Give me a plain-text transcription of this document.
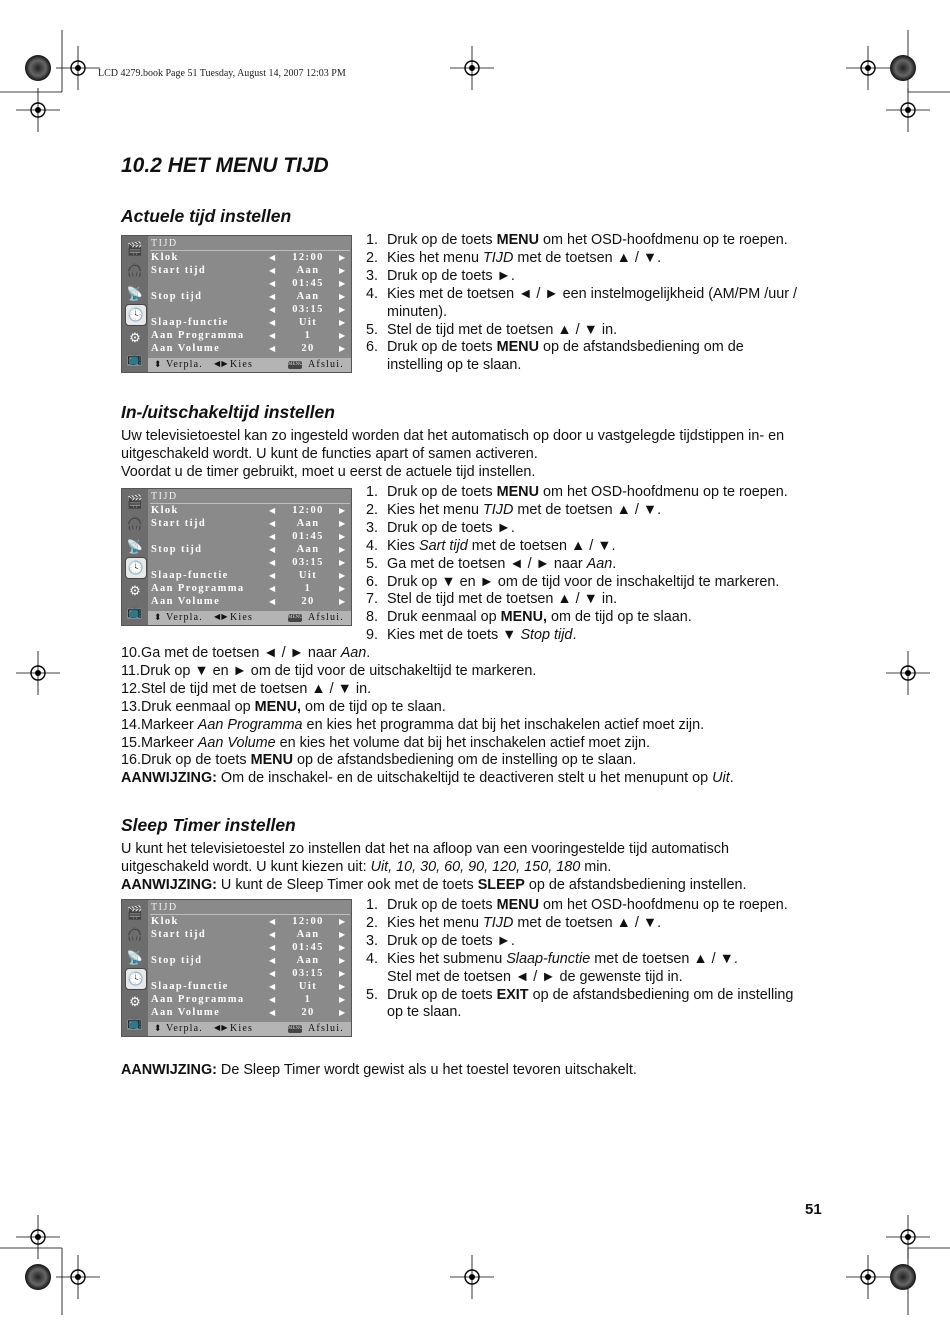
LCD 4279.book Page 51 Tuesday, August 14, 2007 12:03 PM
10.2 HET MENU TIJD
Actuele tijd instellen
🎬
🎧
📡
🕓
⚙
📺
TIJD
Klok	◀	12:00	▶
Start tijd	◀	Aan	▶
◀	01:45	▶
Stop tijd	◀	Aan	▶
◀	03:15	▶
Slaap-functie	◀	Uit	▶
Aan Programma	◀	1	▶
Aan Volume	◀	20	▶
⬍ Verpla. ◀▶ Kies	MENU Afslui.
1. Druk op de toets MENU om het OSD-hoofdmenu op te roepen.
2. Kies het menu TIJD met de toetsen ▲ / ▼.
3. Druk op de toets ►.
4. Kies met de toetsen ◄ / ► een instelmogelijkheid (AM/PM /uur /
minuten).
5. Stel de tijd met de toetsen ▲ / ▼ in.
6. Druk op de toets MENU op de afstandsbediening om de
instelling op te slaan.
In-/uitschakeltijd instellen
Uw televisietoestel kan zo ingesteld worden dat het automatisch op door u vastgelegde tijdstippen in- en
uitgeschakeld wordt. U kunt de functies apart of samen activeren.
Voordat u de timer gebruikt, moet u eerst de actuele tijd instellen.
🎬
🎧
📡
🕓
⚙
📺
TIJD
Klok	◀	12:00	▶
Start tijd	◀	Aan	▶
◀	01:45	▶
Stop tijd	◀	Aan	▶
◀	03:15	▶
Slaap-functie	◀	Uit	▶
Aan Programma	◀	1	▶
Aan Volume	◀	20	▶
⬍ Verpla. ◀▶ Kies	MENU Afslui.
1. Druk op de toets MENU om het OSD-hoofdmenu op te roepen.
2. Kies het menu TIJD met de toetsen ▲ / ▼.
3. Druk op de toets ►.
4. Kies Sart tijd met de toetsen ▲ / ▼.
5. Ga met de toetsen ◄ / ► naar Aan.
6. Druk op ▼ en ► om de tijd voor de inschakeltijd te markeren.
7. Stel de tijd met de toetsen ▲ / ▼ in.
8. Druk eenmaal op MENU, om de tijd op te slaan.
9. Kies met de toets ▼ Stop tijd.
10.Ga met de toetsen ◄ / ► naar Aan.
11.Druk op ▼ en ► om de tijd voor de uitschakeltijd te markeren.
12.Stel de tijd met de toetsen ▲ / ▼ in.
13.Druk eenmaal op MENU, om de tijd op te slaan.
14.Markeer Aan Programma en kies het programma dat bij het inschakelen actief moet zijn.
15.Markeer Aan Volume en kies het volume dat bij het inschakelen actief moet zijn.
16.Druk op de toets MENU op de afstandsbediening om de instelling op te slaan.
AANWIJZING: Om de inschakel- en de uitschakeltijd te deactiveren stelt u het menupunt op Uit.
Sleep Timer instellen
U kunt het televisietoestel zo instellen dat het na afloop van een vooringestelde tijd automatisch
uitgeschakeld wordt. U kunt kiezen uit: Uit, 10, 30, 60, 90, 120, 150, 180 min.
AANWIJZING: U kunt de Sleep Timer ook met de toets SLEEP op de afstandsbediening instellen.
🎬
🎧
📡
🕓
⚙
📺
TIJD
Klok	◀	12:00	▶
Start tijd	◀	Aan	▶
◀	01:45	▶
Stop tijd	◀	Aan	▶
◀	03:15	▶
Slaap-functie	◀	Uit	▶
Aan Programma	◀	1	▶
Aan Volume	◀	20	▶
⬍ Verpla. ◀▶ Kies	MENU Afslui.
1. Druk op de toets MENU om het OSD-hoofdmenu op te roepen.
2. Kies het menu TIJD met de toetsen ▲ / ▼.
3. Druk op de toets ►.
4. Kies het submenu Slaap-functie met de toetsen ▲ / ▼.
Stel met de toetsen ◄ / ► de gewenste tijd in.
5. Druk op de toets EXIT op de afstandsbediening om de instelling
op te slaan.
AANWIJZING: De Sleep Timer wordt gewist als u het toestel tevoren uitschakelt.
51
